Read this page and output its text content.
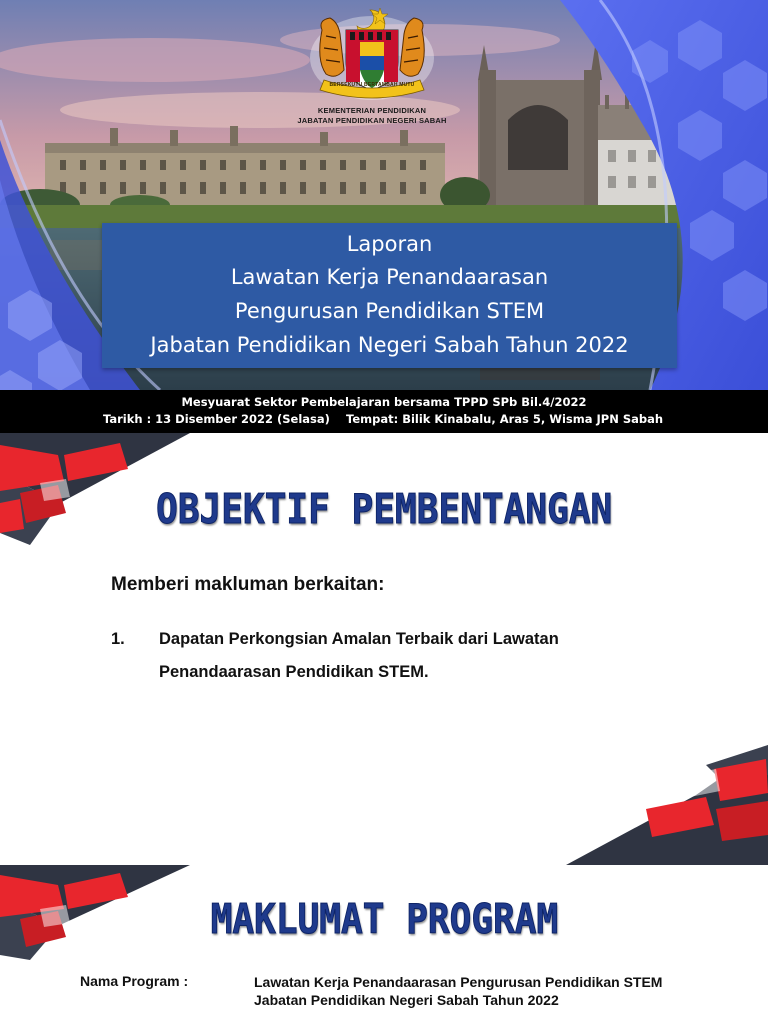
BERSEKUTU BERTAMBAH MUTU
KEMENTERIAN PENDIDIKAN
JABATAN PENDIDIKAN NEGERI SABAH
Laporan
Lawatan Kerja Penandaarasan
Pengurusan Pendidikan STEM
Jabatan Pendidikan Negeri Sabah Tahun 2022
Mesyuarat Sektor Pembelajaran bersama TPPD SPb Bil.4/2022
Tarikh : 13 Disember 2022 (Selasa) Tempat: Bilik Kinabalu, Aras 5, Wisma JPN Sabah
OBJEKTIF PEMBENTANGAN
Memberi makluman berkaitan:
1. Dapatan Perkongsian Amalan Terbaik dari Lawatan Penandaarasan Pendidikan STEM.
MAKLUMAT PROGRAM
Nama Program :	Lawatan Kerja Penandaarasan Pengurusan Pendidikan STEM
Jabatan Pendidikan Negeri Sabah Tahun 2022
